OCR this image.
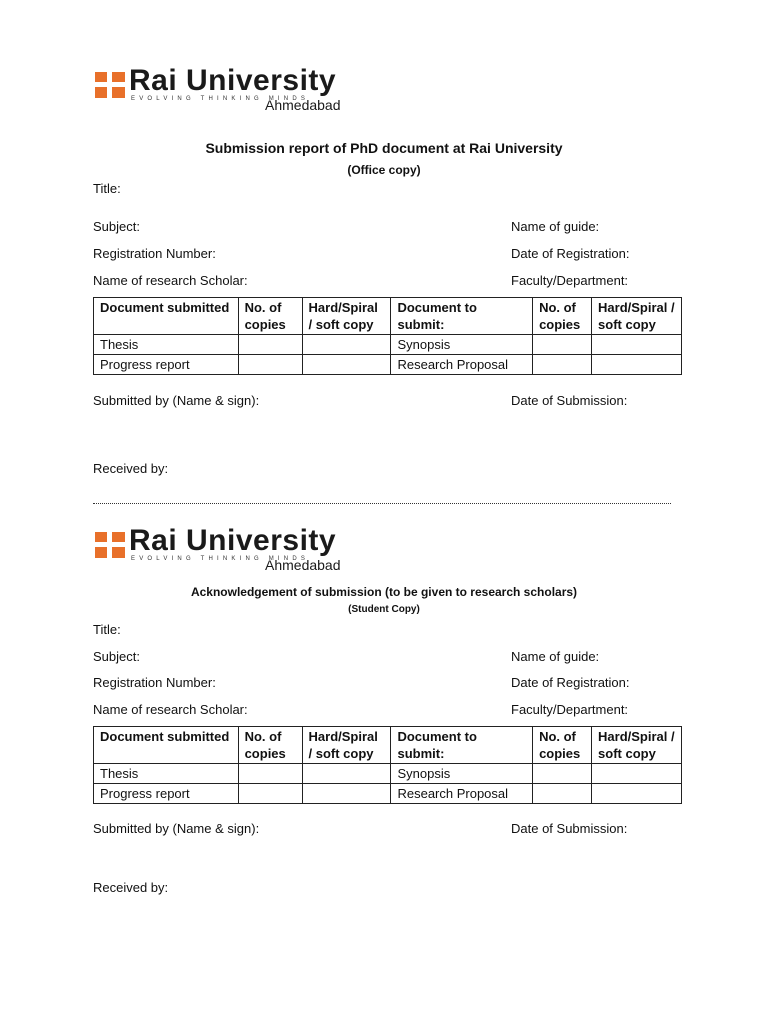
Rai University
EVOLVING THINKING MINDS
Ahmedabad
Submission report of PhD document at Rai University
(Office copy)
Title:
Subject:	Name of guide:
Registration Number:	Date of Registration:
Name of research Scholar:	Faculty/Department:
Document submitted	No. of copies	Hard/Spiral / soft copy	Document to submit:	No. of copies	Hard/Spiral / soft copy
Thesis			Synopsis		
Progress report			Research Proposal		
Submitted by (Name & sign):	Date of Submission:
Received by:
Rai University
EVOLVING THINKING MINDS
Ahmedabad
Acknowledgement of submission (to be given to research scholars)
(Student Copy)
Title:
Subject:	Name of guide:
Registration Number:	Date of Registration:
Name of research Scholar:	Faculty/Department:
Document submitted	No. of copies	Hard/Spiral / soft copy	Document to submit:	No. of copies	Hard/Spiral / soft copy
Thesis			Synopsis		
Progress report			Research Proposal		
Submitted by (Name & sign):	Date of Submission:
Received by:
